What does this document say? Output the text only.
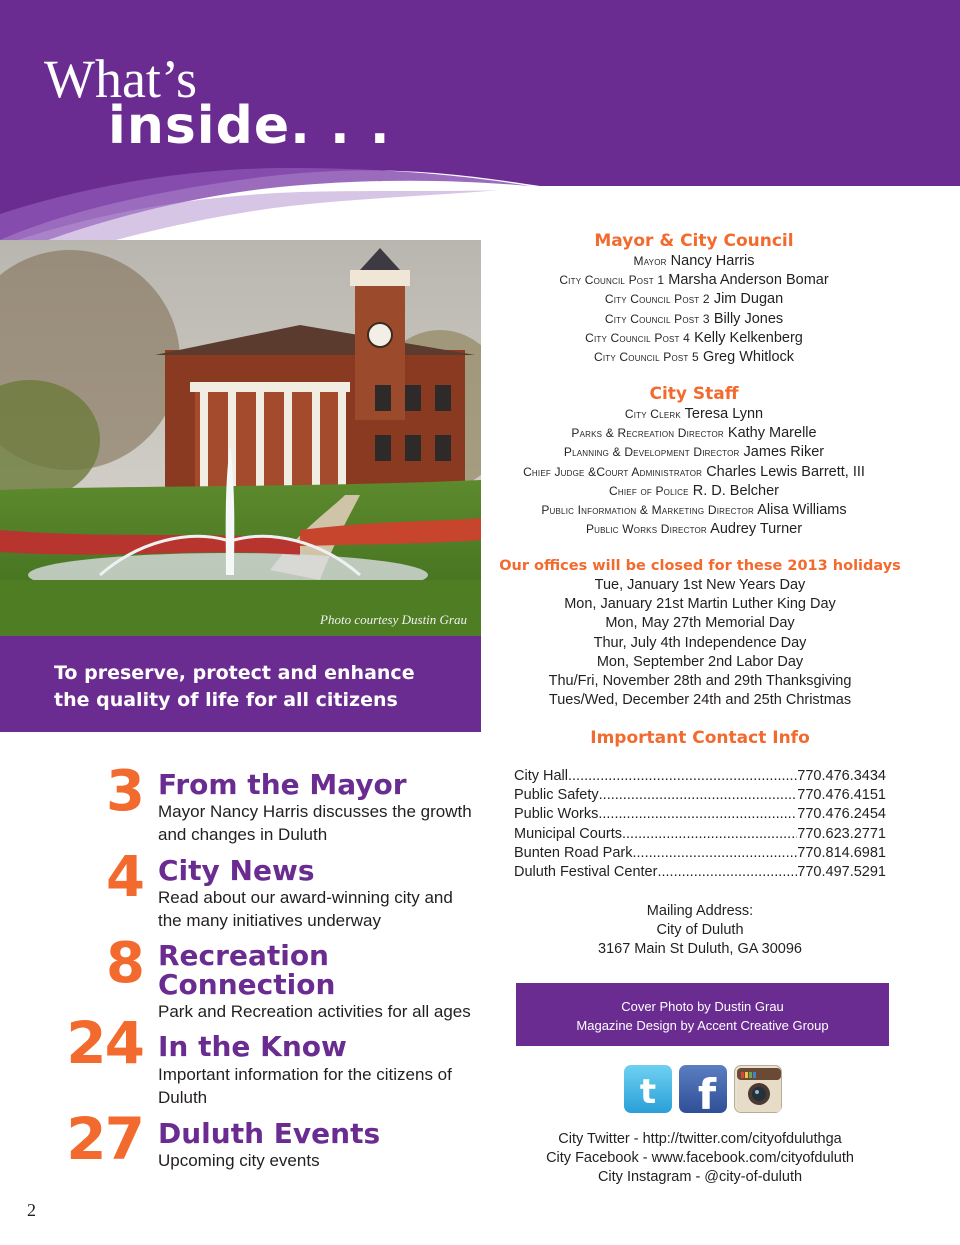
What’s
inside. . .
Photo courtesy Dustin Grau
To preserve, protect and enhance
the quality of life for all citizens
3 From the Mayor
Mayor Nancy Harris discusses the growth and changes in Duluth
4 City News
Read about our award-winning city and the many initiatives underway
8 Recreation
Connection
Park and Recreation activities for all ages
24 In the Know
Important information for the citizens of Duluth
27 Duluth Events
Upcoming city events
Mayor & City Council
Mayor Nancy Harris
City Council Post 1 Marsha Anderson Bomar
City Council Post 2 Jim Dugan
City Council Post 3 Billy Jones
City Council Post 4 Kelly Kelkenberg
City Council Post 5 Greg Whitlock
City Staff
City Clerk Teresa Lynn
Parks & Recreation Director Kathy Marelle
Planning & Development Director James Riker
Chief Judge &Court Administrator Charles Lewis Barrett, III
Chief of Police R. D. Belcher
Public Information & Marketing Director Alisa Williams
Public Works Director Audrey Turner
Our offices will be closed for these 2013 holidays
Tue, January 1st New Years Day
Mon, January 21st Martin Luther King Day
Mon, May 27th Memorial Day
Thur, July 4th Independence Day
Mon, September 2nd Labor Day
Thu/Fri, November 28th and 29th Thanksgiving
Tues/Wed, December 24th and 25th Christmas
Important Contact Info
City Hall .....	770.476.3434
Public Safety .....	770.476.4151
Public Works .....	770.476.2454
Municipal Courts .....	770.623.2771
Bunten Road Park .....	770.814.6981
Duluth Festival Center .....	770.497.5291
Mailing Address:
City of Duluth
3167 Main St Duluth, GA 30096
Cover Photo by Dustin Grau
Magazine Design by Accent Creative Group
t f
City Twitter - http://twitter.com/cityofduluthga
City Facebook - www.facebook.com/cityofduluth
City Instagram - @city-of-duluth
2
